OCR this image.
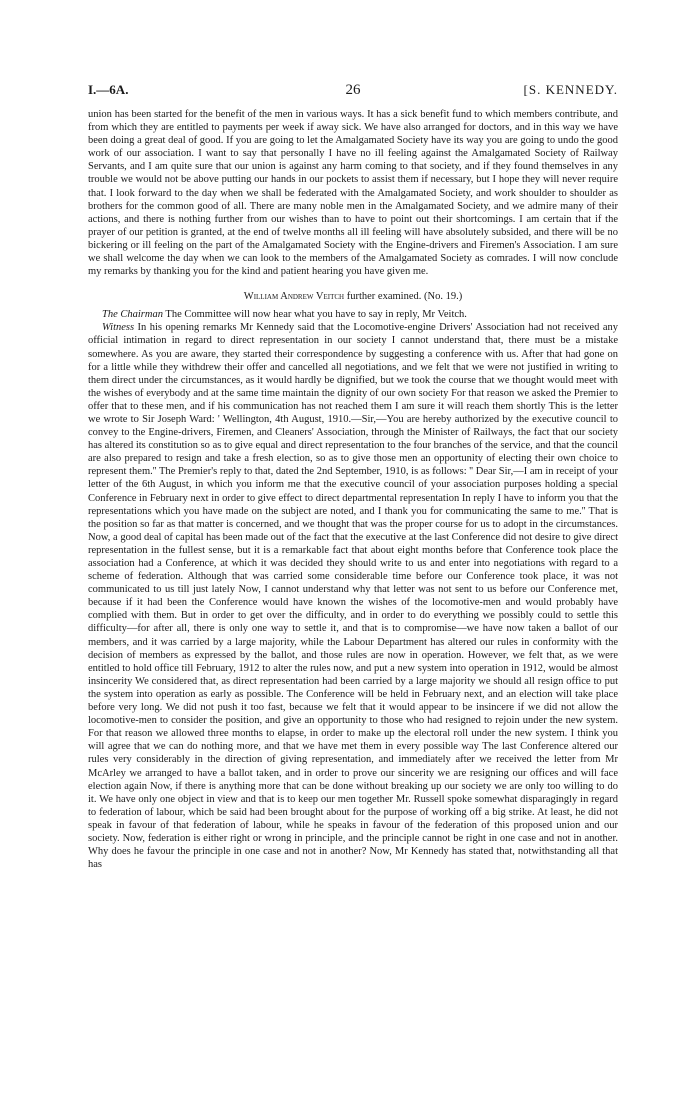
I.—6A.	26	[S. KENNEDY.

union has been started for the benefit of the men in various ways. It has a sick benefit fund to which members contribute, and from which they are entitled to payments per week if away sick. We have also arranged for doctors, and in this way we have been doing a great deal of good. If you are going to let the Amalgamated Society have its way you are going to undo the good work of our association. I want to say that personally I have no ill feeling against the Amalgamated Society of Railway Servants, and I am quite sure that our union is against any harm coming to that society, and if they found themselves in any trouble we would not be above putting our hands in our pockets to assist them if necessary, but I hope they will never require that. I look forward to the day when we shall be federated with the Amalgamated Society, and work shoulder to shoulder as brothers for the common good of all. There are many noble men in the Amalgamated Society, and we admire many of their actions, and there is nothing further from our wishes than to have to point out their shortcomings. I am certain that if the prayer of our petition is granted, at the end of twelve months all ill feeling will have absolutely subsided, and there will be no bickering or ill feeling on the part of the Amalgamated Society with the Engine-drivers and Firemen's Association. I am sure we shall welcome the day when we can look to the members of the Amalgamated Society as comrades. I will now conclude my remarks by thanking you for the kind and patient hearing you have given me.

William Andrew Veitch further examined. (No. 19.)

The Chairman The Committee will now hear what you have to say in reply, Mr Veitch.

Witness In his opening remarks Mr Kennedy said that the Locomotive-engine Drivers' Association had not received any official intimation in regard to direct representation in our society I cannot understand that, there must be a mistake somewhere. As you are aware, they started their correspondence by suggesting a conference with us. After that had gone on for a little while they withdrew their offer and cancelled all negotiations, and we felt that we were not justified in writing to them direct under the circumstances, as it would hardly be dignified, but we took the course that we thought would meet with the wishes of everybody and at the same time maintain the dignity of our own society For that reason we asked the Premier to offer that to these men, and if his communication has not reached them I am sure it will reach them shortly This is the letter we wrote to Sir Joseph Ward: ' Wellington, 4th August, 1910.—Sir,—You are hereby authorized by the executive council to convey to the Engine-drivers, Firemen, and Cleaners' Association, through the Minister of Railways, the fact that our society has altered its constitution so as to give equal and direct representation to the four branches of the service, and that the council are also prepared to resign and take a fresh election, so as to give those men an opportunity of electing their own choice to represent them.'' The Premier's reply to that, dated the 2nd September, 1910, is as follows: '' Dear Sir,—I am in receipt of your letter of the 6th August, in which you inform me that the executive council of your association purposes holding a special Conference in February next in order to give effect to direct departmental representation In reply I have to inform you that the representations which you have made on the subject are noted, and I thank you for communicating the same to me.'' That is the position so far as that matter is concerned, and we thought that was the proper course for us to adopt in the circumstances. Now, a good deal of capital has been made out of the fact that the executive at the last Conference did not desire to give direct representation in the fullest sense, but it is a remarkable fact that about eight months before that Conference took place the association had a Conference, at which it was decided they should write to us and enter into negotiations with regard to a scheme of federation. Although that was carried some considerable time before our Conference took place, it was not communicated to us till just lately Now, I cannot understand why that letter was not sent to us before our Conference met, because if it had been the Conference would have known the wishes of the locomotive-men and would probably have complied with them. But in order to get over the difficulty, and in order to do everything we possibly could to settle this difficulty—for after all, there is only one way to settle it, and that is to compromise—we have now taken a ballot of our members, and it was carried by a large majority, while the Labour Department has altered our rules in conformity with the decision of members as expressed by the ballot, and those rules are now in operation. However, we felt that, as we were entitled to hold office till February, 1912 to alter the rules now, and put a new system into operation in 1912, would be almost insincerity We considered that, as direct representation had been carried by a large majority we should all resign office to put the system into operation as early as possible. The Conference will be held in February next, and an election will take place before very long. We did not push it too fast, because we felt that it would appear to be insincere if we did not allow the locomotive-men to consider the position, and give an opportunity to those who had resigned to rejoin under the new system. For that reason we allowed three months to elapse, in order to make up the electoral roll under the new system. I think you will agree that we can do nothing more, and that we have met them in every possible way The last Conference altered our rules very considerably in the direction of giving representation, and immediately after we received the letter from Mr McArley we arranged to have a ballot taken, and in order to prove our sincerity we are resigning our offices and will face election again Now, if there is anything more that can be done without breaking up our society we are only too willing to do it. We have only one object in view and that is to keep our men together Mr. Russell spoke somewhat disparagingly in regard to federation of labour, which be said had been brought about for the purpose of working off a big strike. At least, he did not speak in favour of that federation of labour, while he speaks in favour of the federation of this proposed union and our society. Now, federation is either right or wrong in principle, and the principle cannot be right in one case and not in another. Why does he favour the principle in one case and not in another? Now, Mr Kennedy has stated that, notwithstanding all that has
